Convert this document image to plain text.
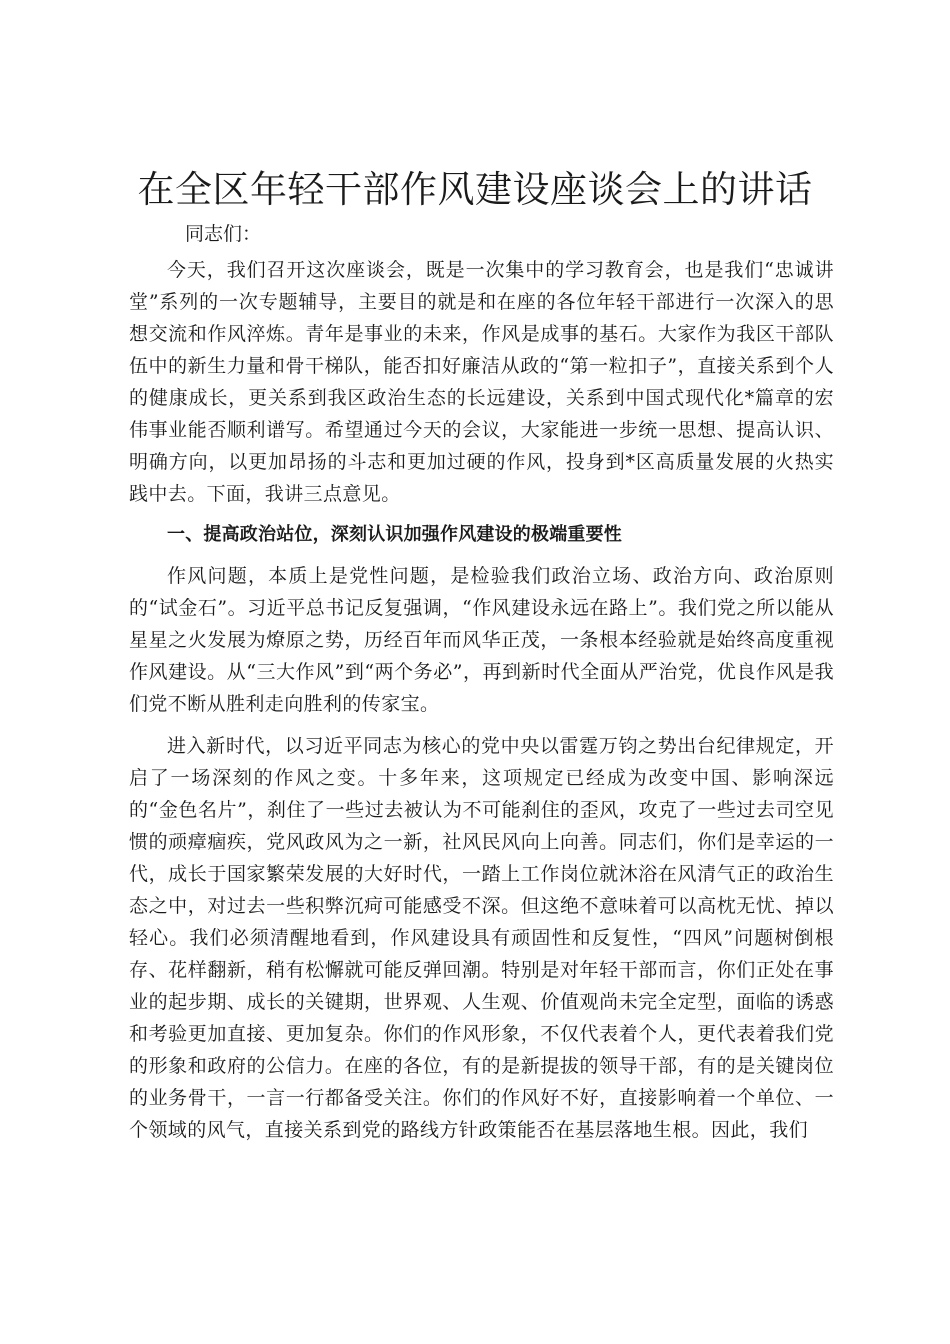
在全区年轻干部作风建设座谈会上的讲话

同志们：

今天，我们召开这次座谈会，既是一次集中的学习教育会，也是我们“忠诚讲堂”系列的一次专题辅导，主要目的就是和在座的各位年轻干部进行一次深入的思想交流和作风淬炼。青年是事业的未来，作风是成事的基石。大家作为我区干部队伍中的新生力量和骨干梯队，能否扣好廉洁从政的“第一粒扣子”，直接关系到个人的健康成长，更关系到我区政治生态的长远建设，关系到中国式现代化*篇章的宏伟事业能否顺利谱写。希望通过今天的会议，大家能进一步统一思想、提高认识、明确方向，以更加昂扬的斗志和更加过硬的作风，投身到*区高质量发展的火热实践中去。下面，我讲三点意见。

一、提高政治站位，深刻认识加强作风建设的极端重要性

作风问题，本质上是党性问题，是检验我们政治立场、政治方向、政治原则的“试金石”。习近平总书记反复强调，“作风建设永远在路上”。我们党之所以能从星星之火发展为燎原之势，历经百年而风华正茂，一条根本经验就是始终高度重视作风建设。从“三大作风”到“两个务必”，再到新时代全面从严治党，优良作风是我们党不断从胜利走向胜利的传家宝。

进入新时代，以习近平同志为核心的党中央以雷霆万钧之势出台纪律规定，开启了一场深刻的作风之变。十多年来，这项规定已经成为改变中国、影响深远的“金色名片”，刹住了一些过去被认为不可能刹住的歪风，攻克了一些过去司空见惯的顽瘴痼疾，党风政风为之一新，社风民风向上向善。同志们，你们是幸运的一代，成长于国家繁荣发展的大好时代，一踏上工作岗位就沐浴在风清气正的政治生态之中，对过去一些积弊沉疴可能感受不深。但这绝不意味着可以高枕无忧、掉以轻心。我们必须清醒地看到，作风建设具有顽固性和反复性，“四风”问题树倒根存、花样翻新，稍有松懈就可能反弹回潮。特别是对年轻干部而言，你们正处在事业的起步期、成长的关键期，世界观、人生观、价值观尚未完全定型，面临的诱惑和考验更加直接、更加复杂。你们的作风形象，不仅代表着个人，更代表着我们党的形象和政府的公信力。在座的各位，有的是新提拔的领导干部，有的是关键岗位的业务骨干，一言一行都备受关注。你们的作风好不好，直接影响着一个单位、一个领域的风气，直接关系到党的路线方针政策能否在基层落地生根。因此，我们
